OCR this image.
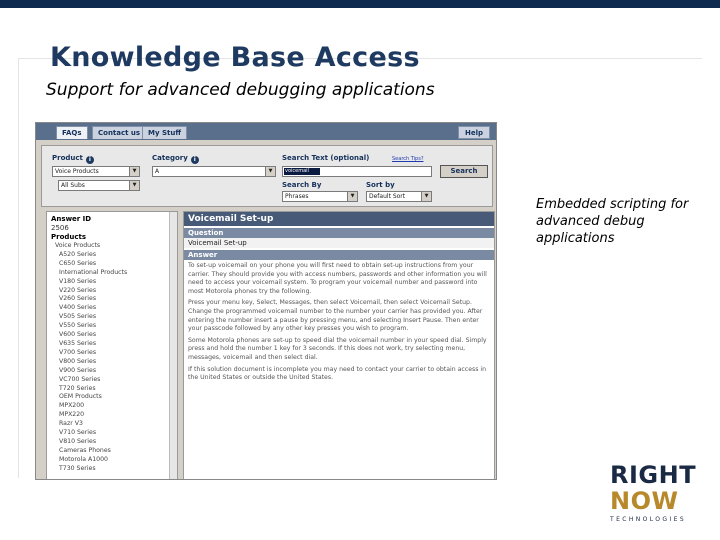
Knowledge Base Access
Support for advanced debugging applications
FAQs	Contact us	My Stuff	Help
Product i
Voice Products	▼
All Subs	▼
Category i
A	▼
Search Text (optional)	Search Tips?
voicemail	Search
Search By
Phrases	▼
Sort by
Default Sort	▼
Answer ID
2506
Products
Voice Products
A520 Series
C650 Series
International Products
V180 Series
V220 Series
V260 Series
V400 Series
V505 Series
V550 Series
V600 Series
V635 Series
V700 Series
V800 Series
V900 Series
VC700 Series
T720 Series
OEM Products
MPX200
MPX220
Razr V3
V710 Series
V810 Series
Cameras Phones
Motorola A1000
T730 Series
Voicemail Set-up
Question
Voicemail Set-up
Answer

To set-up voicemail on your phone you will first need to obtain set-up instructions from your carrier. They should provide you with access numbers, passwords and other information you will need to access your voicemail system. To program your voicemail number and password into most Motorola phones try the following.

Press your menu key, Select, Messages, then select Voicemail, then select Voicemail Setup. Change the programmed voicemail number to the number your carrier has provided you. After entering the number insert a pause by pressing menu, and selecting Insert Pause. Then enter your passcode followed by any other key presses you wish to program.

Some Motorola phones are set-up to speed dial the voicemail number in your speed dial. Simply press and hold the number 1 key for 3 seconds. If this does not work, try selecting menu, messages, voicemail and then select dial.

If this solution document is incomplete you may need to contact your carrier to obtain access in the United States or outside the United States.

Embedded scripting for advanced debug applications
RIGHT
NOW
TECHNOLOGIES
